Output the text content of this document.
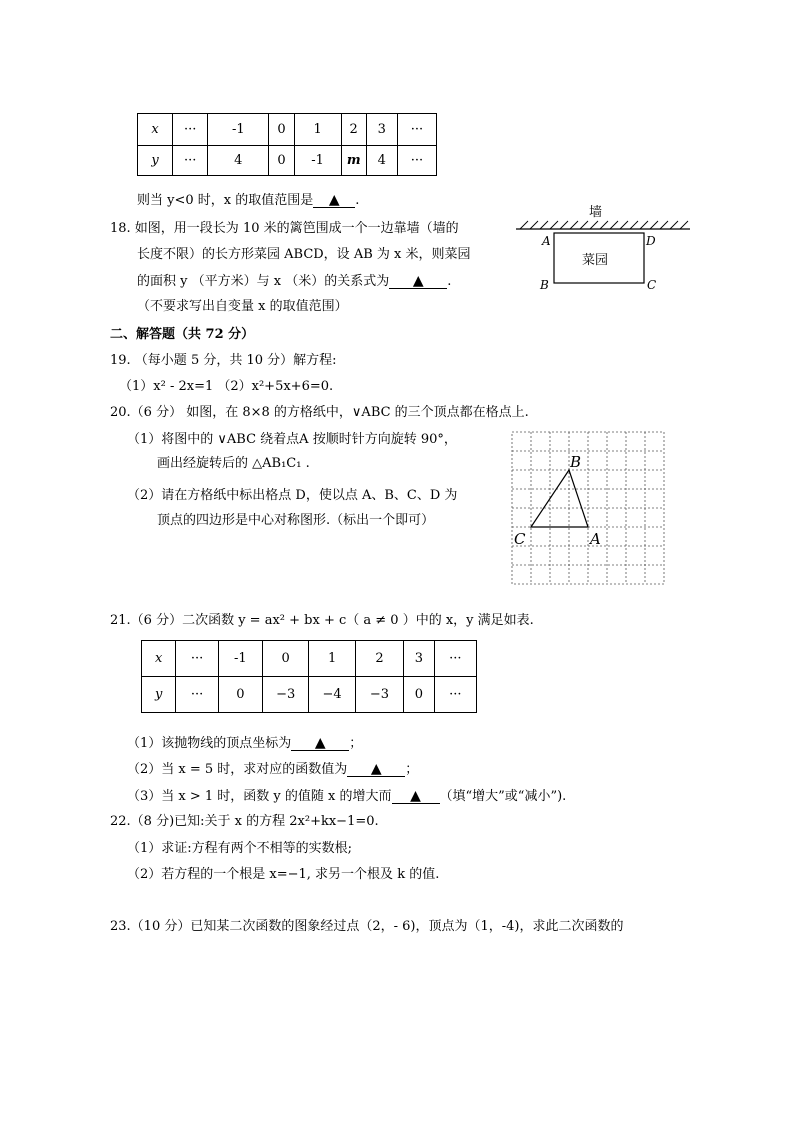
x	···	-1	0	1	2	3	···
y	···	4	0	-1	m	4	···
则当 y<0 时，x 的取值范围是 ▲ .
18. 如图，用一段长为 10 米的篱笆围成一个一边靠墙（墙的
长度不限）的长方形菜园 ABCD，设 AB 为 x 米，则菜园
的面积 y （平方米）与 x （米）的关系式为 ▲ .
（不要求写出自变量 x 的取值范围）
墙
菜园
A	D
B	C
二、解答题（共 72 分）
19. （每小题 5 分，共 10 分）解方程:
（1）x² - 2x=1 （2）x²+5x+6=0.
20.（6 分） 如图，在 8×8 的方格纸中，∨ABC 的三个顶点都在格点上.
（1）将图中的 ∨ABC 绕着点A 按顺时针方向旋转 90°，
画出经旋转后的 △AB₁C₁ .
（2）请在方格纸中标出格点 D，使以点 A、B、C、D 为
顶点的四边形是中心对称图形.（标出一个即可）
B
C	A
21.（6 分）二次函数 y = ax² + bx + c（ a ≠ 0 ）中的 x，y 满足如表.
x	···	-1	0	1	2	3	···
y	···	0	−3	−4	−3	0	···
（1）该抛物线的顶点坐标为 ▲ ；
（2）当 x = 5 时，求对应的函数值为 ▲ ；
（3）当 x > 1 时，函数 y 的值随 x 的增大而 ▲ （填“增大”或“减小”).
22.（8 分)已知:关于 x 的方程 2x²+kx−1=0.
（1）求证:方程有两个不相等的实数根;
（2）若方程的一个根是 x=−1, 求另一个根及 k 的值.
23.（10 分）已知某二次函数的图象经过点（2，- 6)，顶点为（1，-4)，求此二次函数的
